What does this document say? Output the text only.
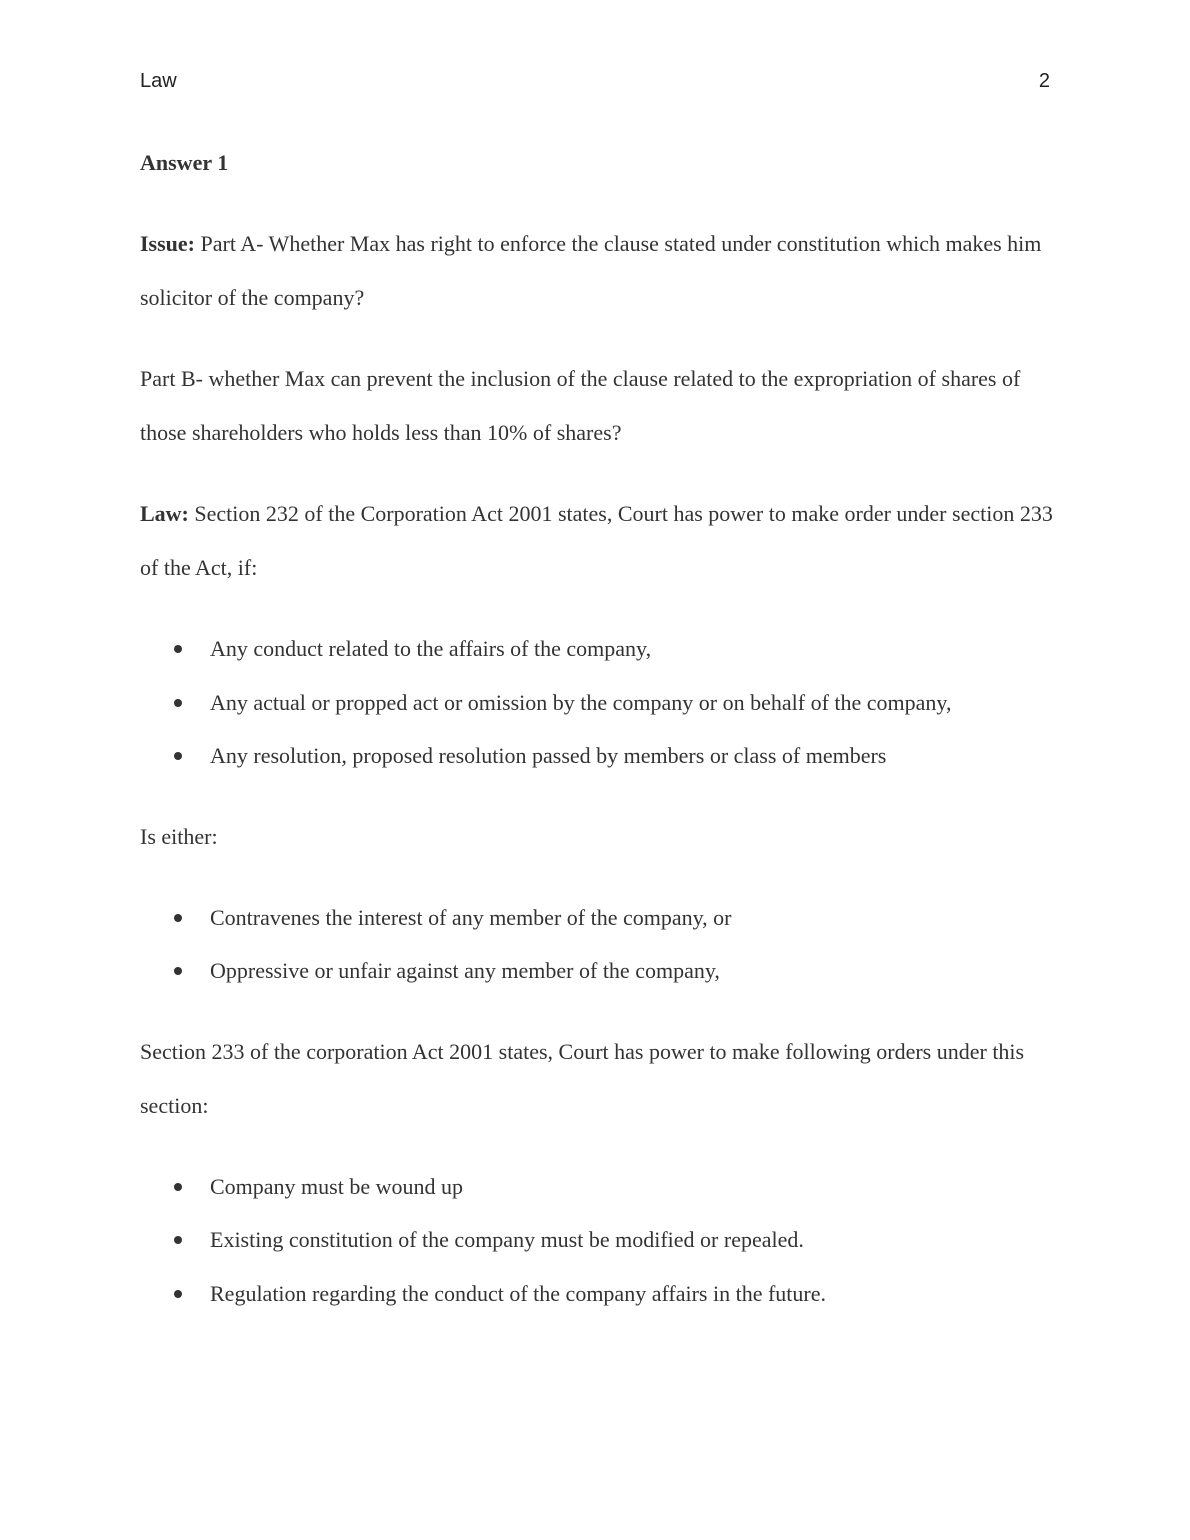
Law	2

Answer 1

Issue: Part A- Whether Max has right to enforce the clause stated under constitution which makes him solicitor of the company?

Part B- whether Max can prevent the inclusion of the clause related to the expropriation of shares of those shareholders who holds less than 10% of shares?

Law: Section 232 of the Corporation Act 2001 states, Court has power to make order under section 233 of the Act, if:

Any conduct related to the affairs of the company,
Any actual or propped act or omission by the company or on behalf of the company,
Any resolution, proposed resolution passed by members or class of members

Is either:

Contravenes the interest of any member of the company, or
Oppressive or unfair against any member of the company,

Section 233 of the corporation Act 2001 states, Court has power to make following orders under this section:

Company must be wound up
Existing constitution of the company must be modified or repealed.
Regulation regarding the conduct of the company affairs in the future.
